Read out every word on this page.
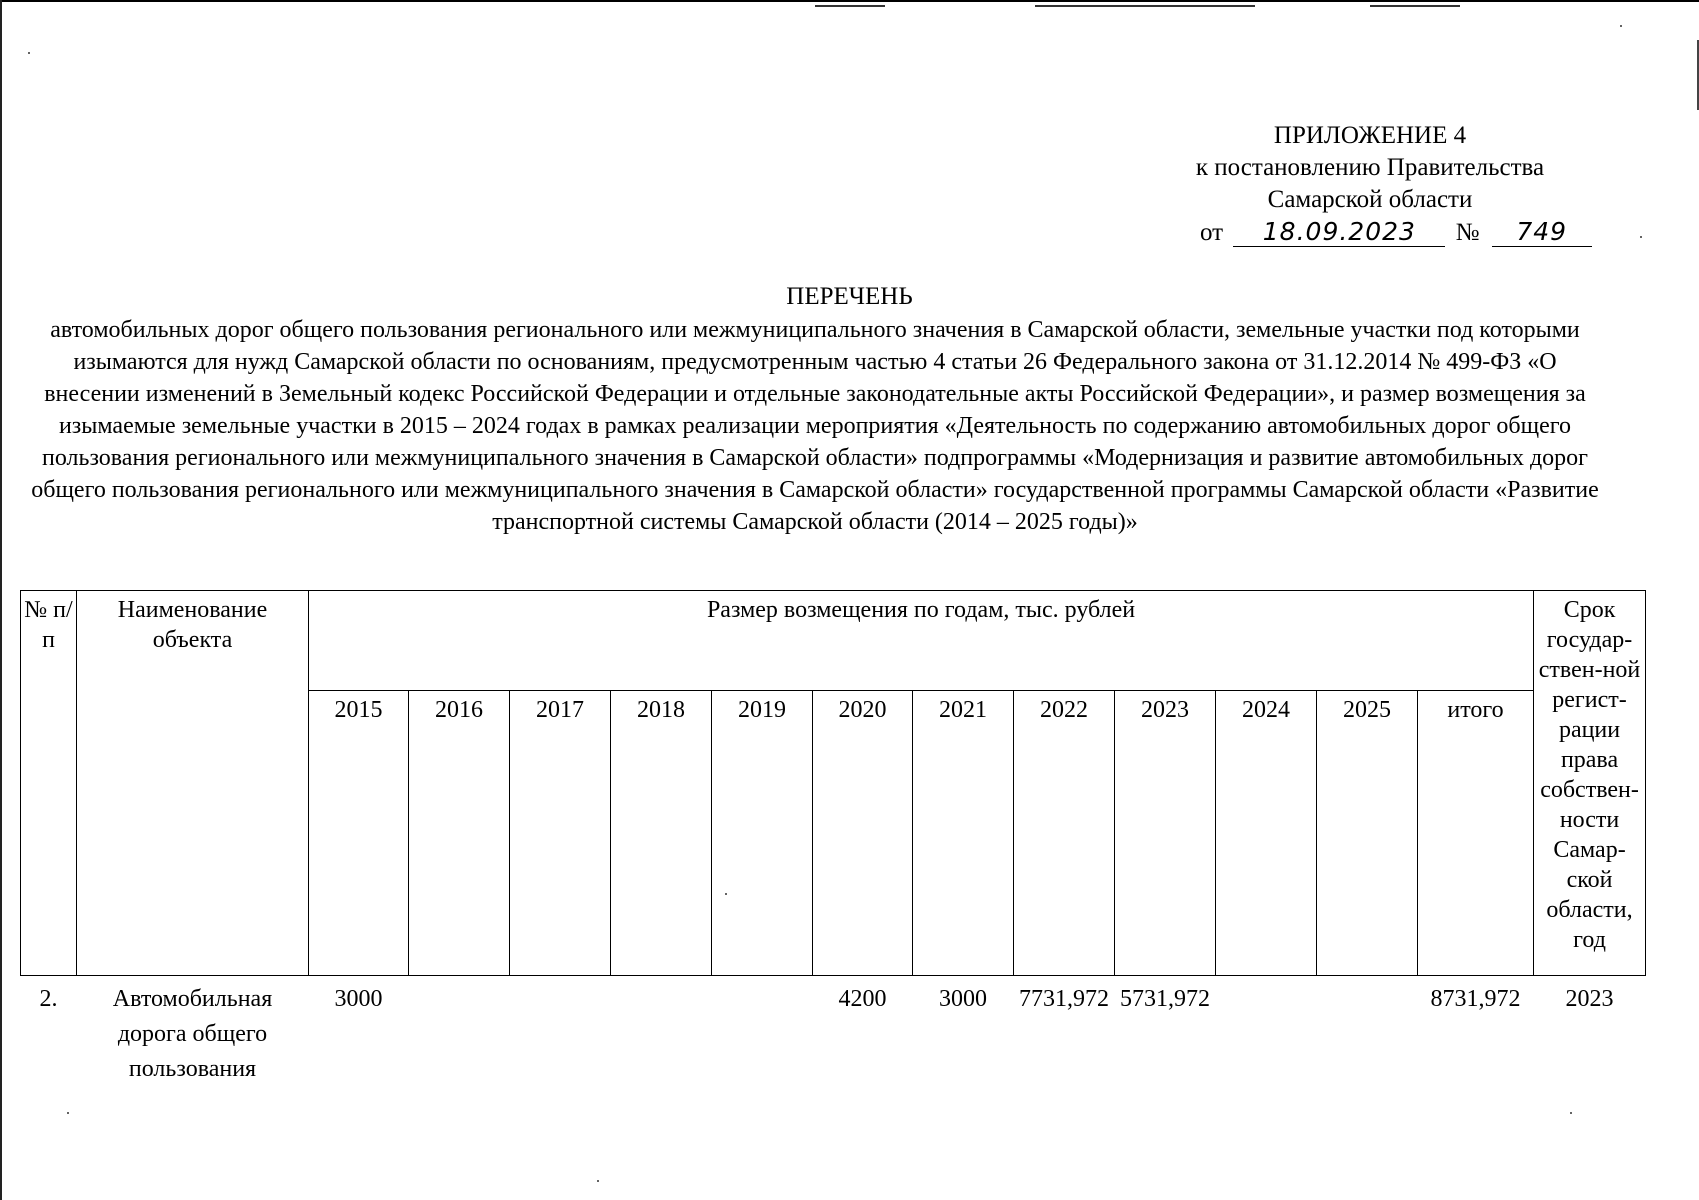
ПРИЛОЖЕНИЕ 4
к постановлению Правительства
Самарской области
от 18.09.2023 № 749
ПЕРЕЧЕНЬ
автомобильных дорог общего пользования регионального или межмуниципального значения в Самарской области, земельные участки под которыми изымаются для нужд Самарской области по основаниям, предусмотренным частью 4 статьи 26 Федерального закона от 31.12.2014 № 499-ФЗ «О внесении изменений в Земельный кодекс Российской Федерации и отдельные законодательные акты Российской Федерации», и размер возмещения за изымаемые земельные участки в 2015 – 2024 годах в рамках реализации мероприятия «Деятельность по содержанию автомобильных дорог общего пользования регионального или межмуниципального значения в Самарской области» подпрограммы «Модернизация и развитие автомобильных дорог общего пользования регионального или межмуниципального значения в Самарской области» государственной программы Самарской области «Развитие транспортной системы Самарской области (2014 – 2025 годы)»
№ п/п	Наименование объекта	Размер возмещения по годам, тыс. рублей												Срок государ-ствен-ной регист-рации права собствен-ности Самар-ской области, год
		2015	2016	2017	2018	2019	2020	2021	2022	2023	2024	2025	итого	
2.	Автомобильная дорога общего пользования	3000					4200	3000	7731,972	5731,972			8731,972	2023
